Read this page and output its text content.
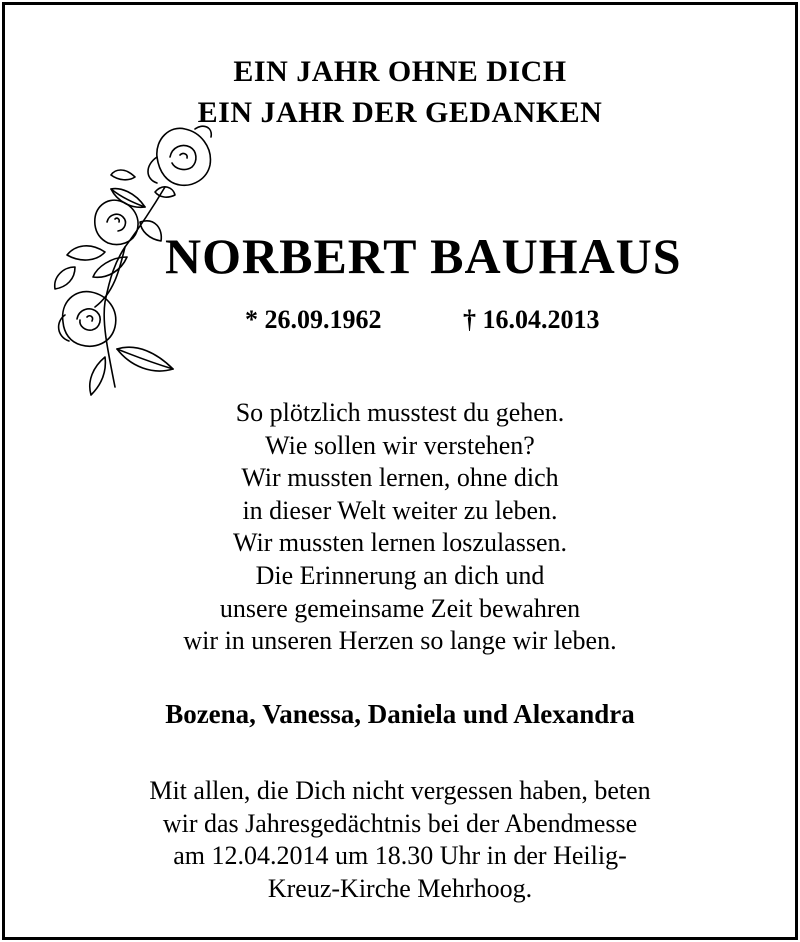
EIN JAHR OHNE DICH
EIN JAHR DER GEDANKEN
NORBERT BAUHAUS
* 26.09.1962	† 16.04.2013
So plötzlich musstest du gehen.
Wie sollen wir verstehen?
Wir mussten lernen, ohne dich
in dieser Welt weiter zu leben.
Wir mussten lernen loszulassen.
Die Erinnerung an dich und
unsere gemeinsame Zeit bewahren
wir in unseren Herzen so lange wir leben.
Bozena, Vanessa, Daniela und Alexandra
Mit allen, die Dich nicht vergessen haben, beten
wir das Jahresgedächtnis bei der Abendmesse
am 12.04.2014 um 18.30 Uhr in der Heilig-
Kreuz-Kirche Mehrhoog.
